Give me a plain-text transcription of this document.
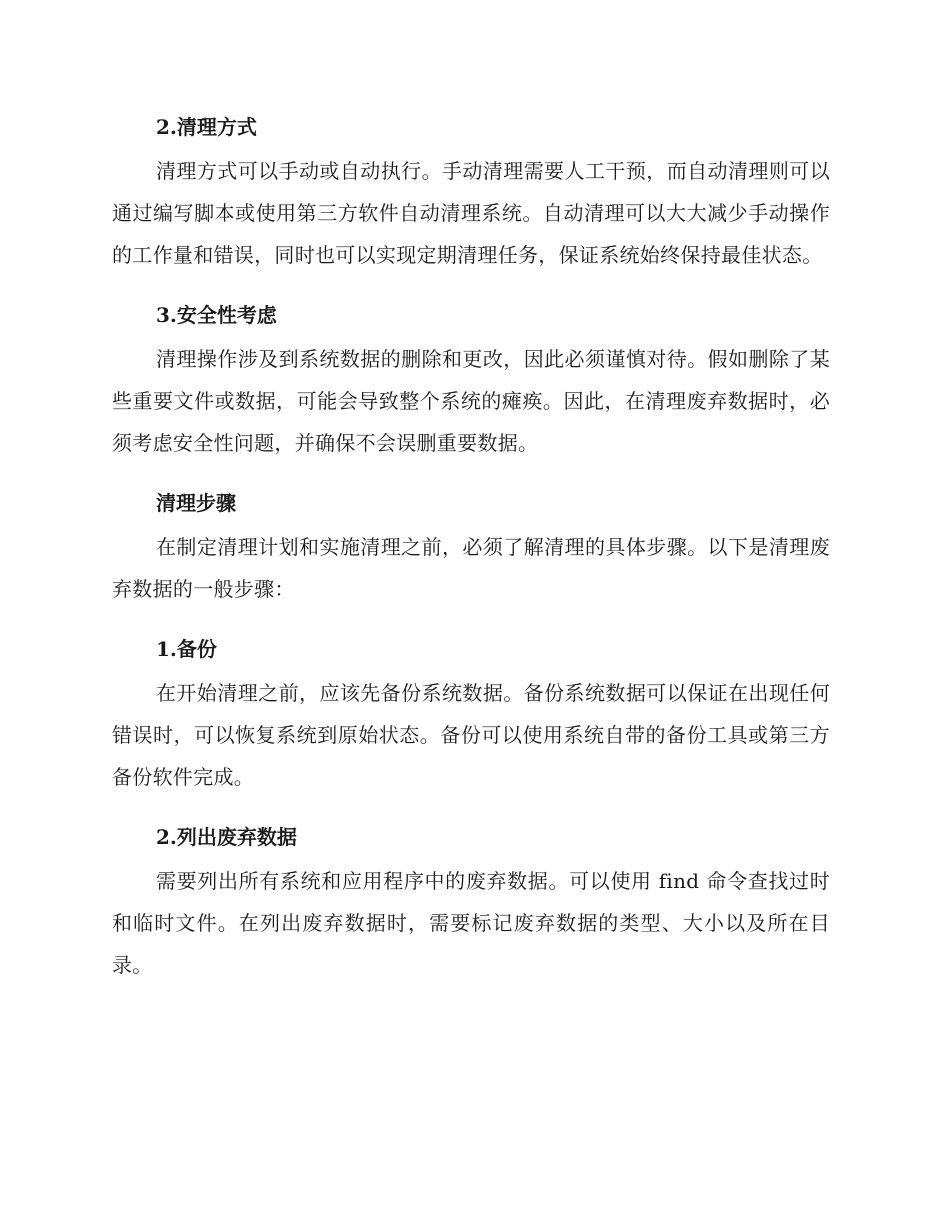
2.清理方式

清理方式可以手动或自动执行。手动清理需要人工干预，而自动清理则可以通过编写脚本或使用第三方软件自动清理系统。自动清理可以大大减少手动操作的工作量和错误，同时也可以实现定期清理任务，保证系统始终保持最佳状态。

3.安全性考虑

清理操作涉及到系统数据的删除和更改，因此必须谨慎对待。假如删除了某些重要文件或数据，可能会导致整个系统的瘫痪。因此，在清理废弃数据时，必须考虑安全性问题，并确保不会误删重要数据。

清理步骤

在制定清理计划和实施清理之前，必须了解清理的具体步骤。以下是清理废弃数据的一般步骤：

1.备份

在开始清理之前，应该先备份系统数据。备份系统数据可以保证在出现任何错误时，可以恢复系统到原始状态。备份可以使用系统自带的备份工具或第三方备份软件完成。

2.列出废弃数据

需要列出所有系统和应用程序中的废弃数据。可以使用 find 命令查找过时和临时文件。在列出废弃数据时，需要标记废弃数据的类型、大小以及所在目录。
